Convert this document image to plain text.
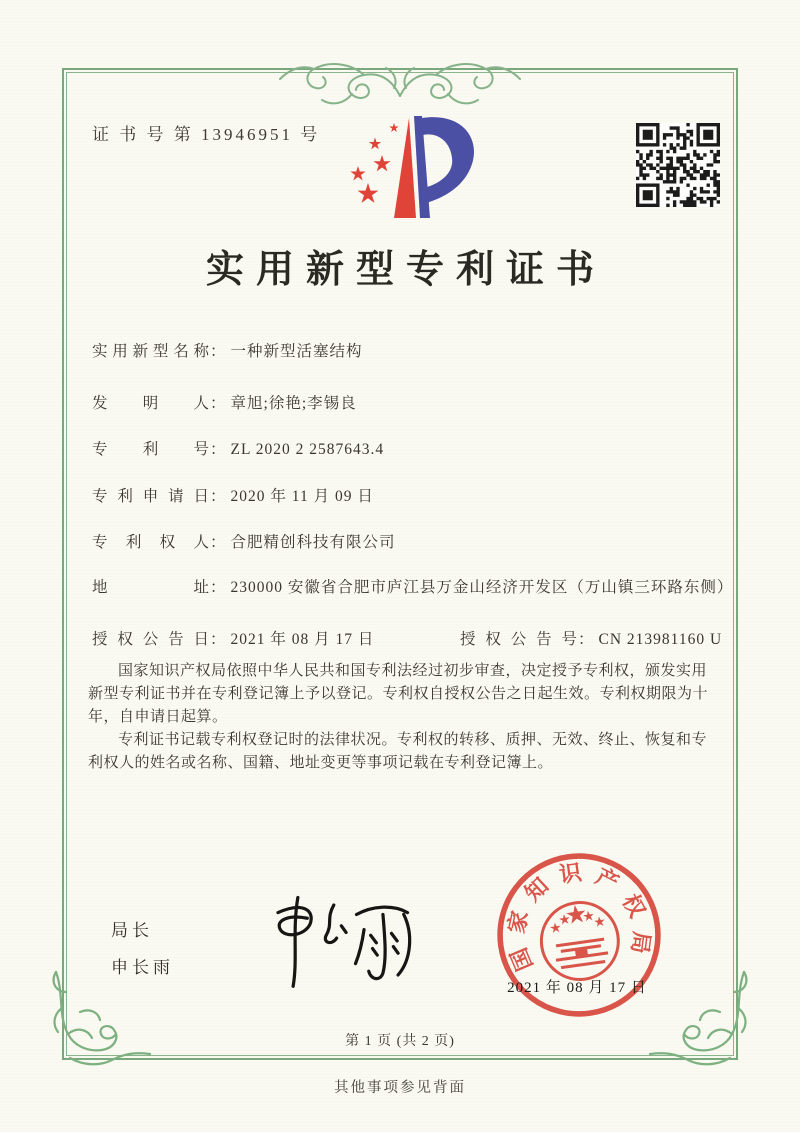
证 书 号 第 13946951 号
实用新型专利证书
实用新型名称： 一种新型活塞结构
发明人： 章旭;徐艳;李锡良
专利号： ZL 2020 2 2587643.4
专利申请日： 2020 年 11 月 09 日
专利权人： 合肥精创科技有限公司
地址： 230000 安徽省合肥市庐江县万金山经济开发区（万山镇三环路东侧）
授权公告日： 2021 年 08 月 17 日	授权公告号： CN 213981160 U

国家知识产权局依照中华人民共和国专利法经过初步审查，决定授予专利权，颁发实用新型专利证书并在专利登记簿上予以登记。专利权自授权公告之日起生效。专利权期限为十年，自申请日起算。

专利证书记载专利权登记时的法律状况。专利权的转移、质押、无效、终止、恢复和专利权人的姓名或名称、国籍、地址变更等事项记载在专利登记簿上。

局长
申长雨	国
家
知 识 产
权
局
2021 年 08 月 17 日
第 1 页 (共 2 页)
其他事项参见背面
